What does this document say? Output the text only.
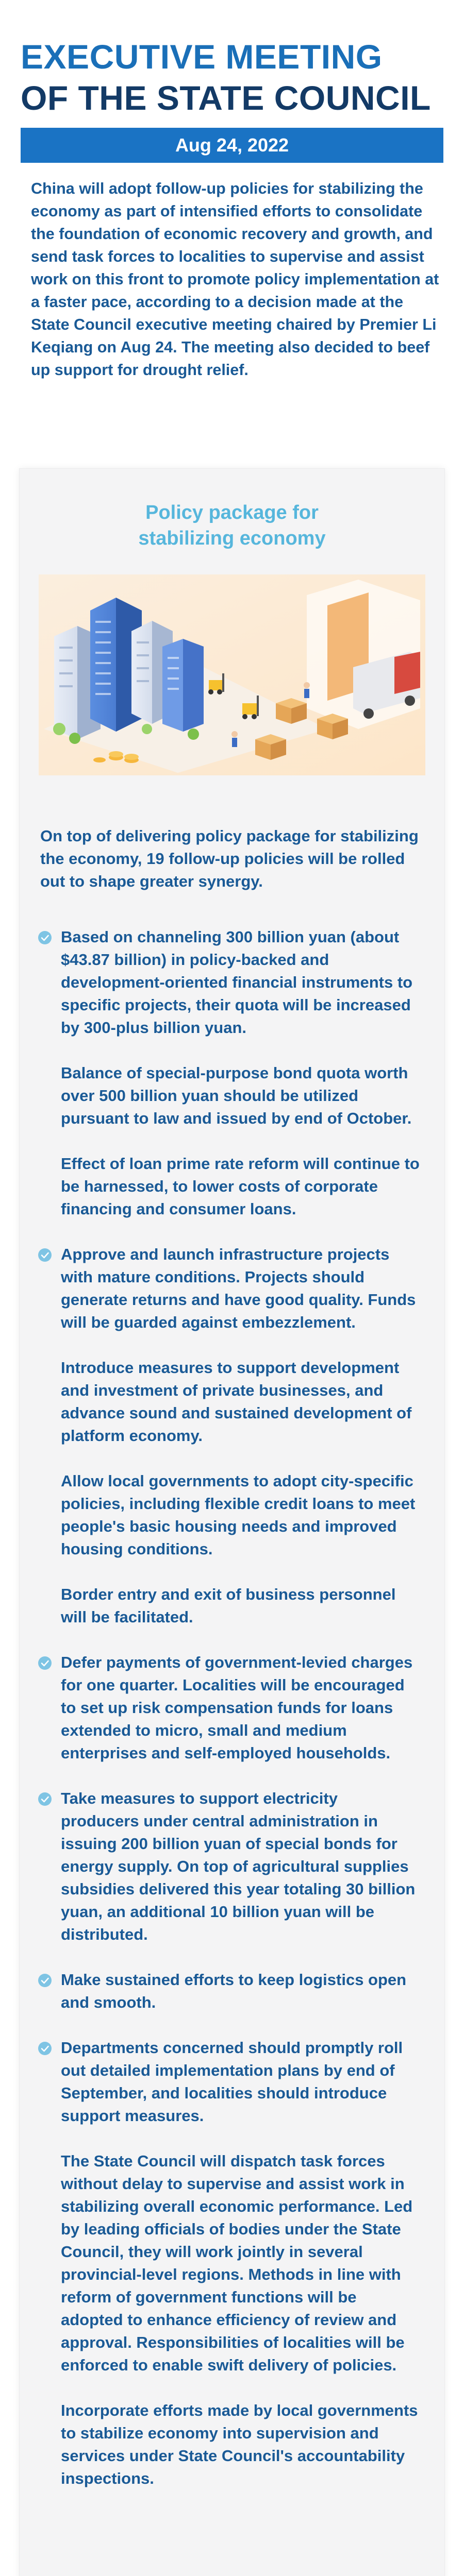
EXECUTIVE MEETING
OF THE STATE COUNCIL
Aug 24, 2022
China will adopt follow-up policies for stabilizing the economy as part of intensified efforts to consolidate the foundation of economic recovery and growth, and send task forces to localities to supervise and assist work on this front to promote policy implementation at a faster pace, according to a decision made at the State Council executive meeting chaired by Premier Li Keqiang on Aug 24. The meeting also decided to beef up support for drought relief.
Policy package for
stabilizing economy
On top of delivering policy package for stabilizing the economy, 19 follow-up policies will be rolled out to shape greater synergy.
Based on channeling 300 billion yuan (about $43.87 billion) in policy-backed and development-oriented financial instruments to specific projects, their quota will be increased by 300-plus billion yuan.
Balance of special-purpose bond quota worth over 500 billion yuan should be utilized pursuant to law and issued by end of October.
Effect of loan prime rate reform will continue to be harnessed, to lower costs of corporate financing and consumer loans.
Approve and launch infrastructure projects with mature conditions. Projects should generate returns and have good quality. Funds will be guarded against embezzlement.
Introduce measures to support development and investment of private businesses, and advance sound and sustained development of platform economy.
Allow local governments to adopt city-specific policies, including flexible credit loans to meet people's basic housing needs and improved housing conditions.
Border entry and exit of business personnel will be facilitated.
Defer payments of government-levied charges for one quarter. Localities will be encouraged to set up risk compensation funds for loans extended to micro, small and medium enterprises and self-employed households.
Take measures to support electricity producers under central administration in issuing 200 billion yuan of special bonds for energy supply. On top of agricultural supplies subsidies delivered this year totaling 30 billion yuan, an additional 10 billion yuan will be distributed.
Make sustained efforts to keep logistics open and smooth.
Departments concerned should promptly roll out detailed implementation plans by end of September, and localities should introduce support measures.
The State Council will dispatch task forces without delay to supervise and assist work in stabilizing overall economic performance. Led by leading officials of bodies under the State Council, they will work jointly in several provincial-level regions. Methods in line with reform of government functions will be adopted to enhance efficiency of review and approval. Responsibilities of localities will be enforced to enable swift delivery of policies.
Incorporate efforts made by local governments to stabilize economy into supervision and services under State Council's accountability inspections.
